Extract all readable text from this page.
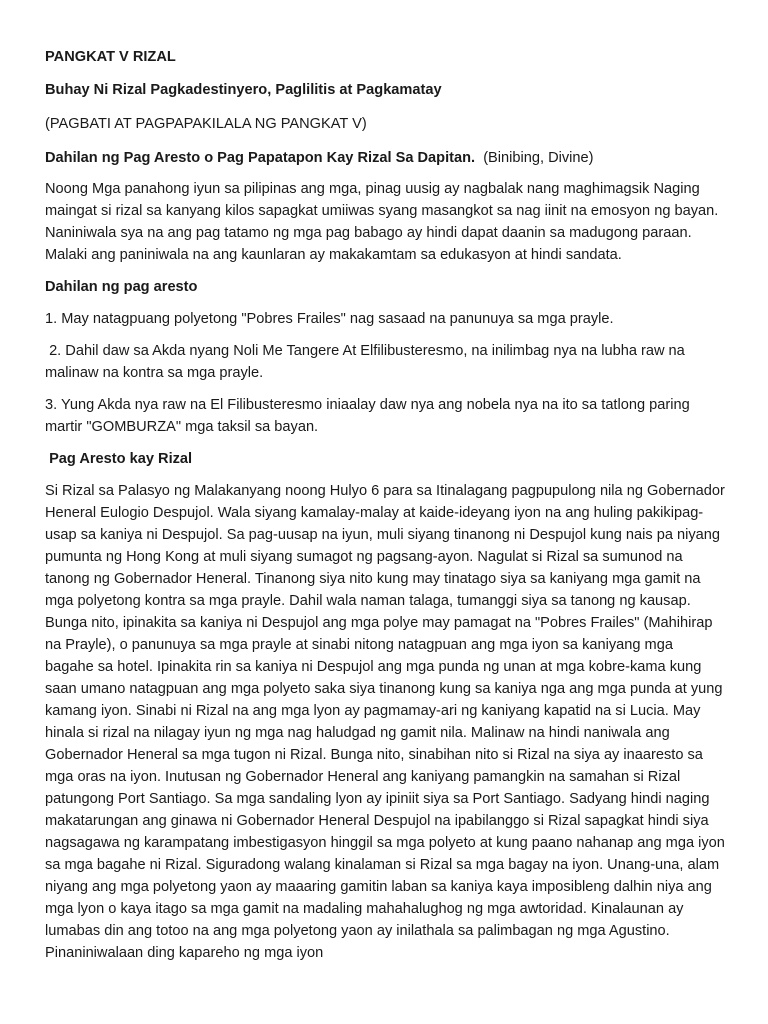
PANGKAT V RIZAL

Buhay Ni Rizal Pagkadestinyero, Paglilitis at Pagkamatay

(PAGBATI AT PAGPAPAKILALA NG PANGKAT V)

Dahilan ng Pag Aresto o Pag Papatapon Kay Rizal Sa Dapitan. (Binibing, Divine)

Noong Mga panahong iyun sa pilipinas ang mga, pinag uusig ay nagbalak nang maghimagsik Naging maingat si rizal sa kanyang kilos sapagkat umiiwas syang masangkot sa nag iinit na emosyon ng bayan. Naniniwala sya na ang pag tatamo ng mga pag babago ay hindi dapat daanin sa madugong paraan. Malaki ang paniniwala na ang kaunlaran ay makakamtam sa edukasyon at hindi sandata.

Dahilan ng pag aresto

1. May natagpuang polyetong "Pobres Frailes" nag sasaad na panunuya sa mga prayle.

2. Dahil daw sa Akda nyang Noli Me Tangere At Elfilibusteresmo, na inilimbag nya na lubha raw na malinaw na kontra sa mga prayle.

3. Yung Akda nya raw na El Filibusteresmo iniaalay daw nya ang nobela nya na ito sa tatlong paring martir "GOMBURZA" mga taksil sa bayan.

Pag Aresto kay Rizal

Si Rizal sa Palasyo ng Malakanyang noong Hulyo 6 para sa Itinalagang pagpupulong nila ng Gobernador Heneral Eulogio Despujol. Wala siyang kamalay-malay at kaide-ideyang iyon na ang huling pakikipag-usap sa kaniya ni Despujol. Sa pag-uusap na iyun, muli siyang tinanong ni Despujol kung nais pa niyang pumunta ng Hong Kong at muli siyang sumagot ng pagsang-ayon. Nagulat si Rizal sa sumunod na tanong ng Gobernador Heneral. Tinanong siya nito kung may tinatago siya sa kaniyang mga gamit na mga polyetong kontra sa mga prayle. Dahil wala naman talaga, tumanggi siya sa tanong ng kausap. Bunga nito, ipinakita sa kaniya ni Despujol ang mga polye may pamagat na "Pobres Frailes" (Mahihirap na Prayle), o panunuya sa mga prayle at sinabi nitong natagpuan ang mga iyon sa kaniyang mga bagahe sa hotel. Ipinakita rin sa kaniya ni Despujol ang mga punda ng unan at mga kobre-kama kung saan umano natagpuan ang mga polyeto saka siya tinanong kung sa kaniya nga ang mga punda at yung kamang iyon. Sinabi ni Rizal na ang mga lyon ay pagmamay-ari ng kaniyang kapatid na si Lucia. May hinala si rizal na nilagay iyun ng mga nag haludgad ng gamit nila. Malinaw na hindi naniwala ang Gobernador Heneral sa mga tugon ni Rizal. Bunga nito, sinabihan nito si Rizal na siya ay inaaresto sa mga oras na iyon. Inutusan ng Gobernador Heneral ang kaniyang pamangkin na samahan si Rizal patungong Port Santiago. Sa mga sandaling lyon ay ipiniit siya sa Port Santiago. Sadyang hindi naging makatarungan ang ginawa ni Gobernador Heneral Despujol na ipabilanggo si Rizal sapagkat hindi siya nagsagawa ng karampatang imbestigasyon hinggil sa mga polyeto at kung paano nahanap ang mga iyon sa mga bagahe ni Rizal. Siguradong walang kinalaman si Rizal sa mga bagay na iyon. Unang-una, alam niyang ang mga polyetong yaon ay maaaring gamitin laban sa kaniya kaya imposibleng dalhin niya ang mga lyon o kaya itago sa mga gamit na madaling mahahalughog ng mga awtoridad. Kinalaunan ay lumabas din ang totoo na ang mga polyetong yaon ay inilathala sa palimbagan ng mga Agustino. Pinaniniwalaan ding kapareho ng mga iyon
